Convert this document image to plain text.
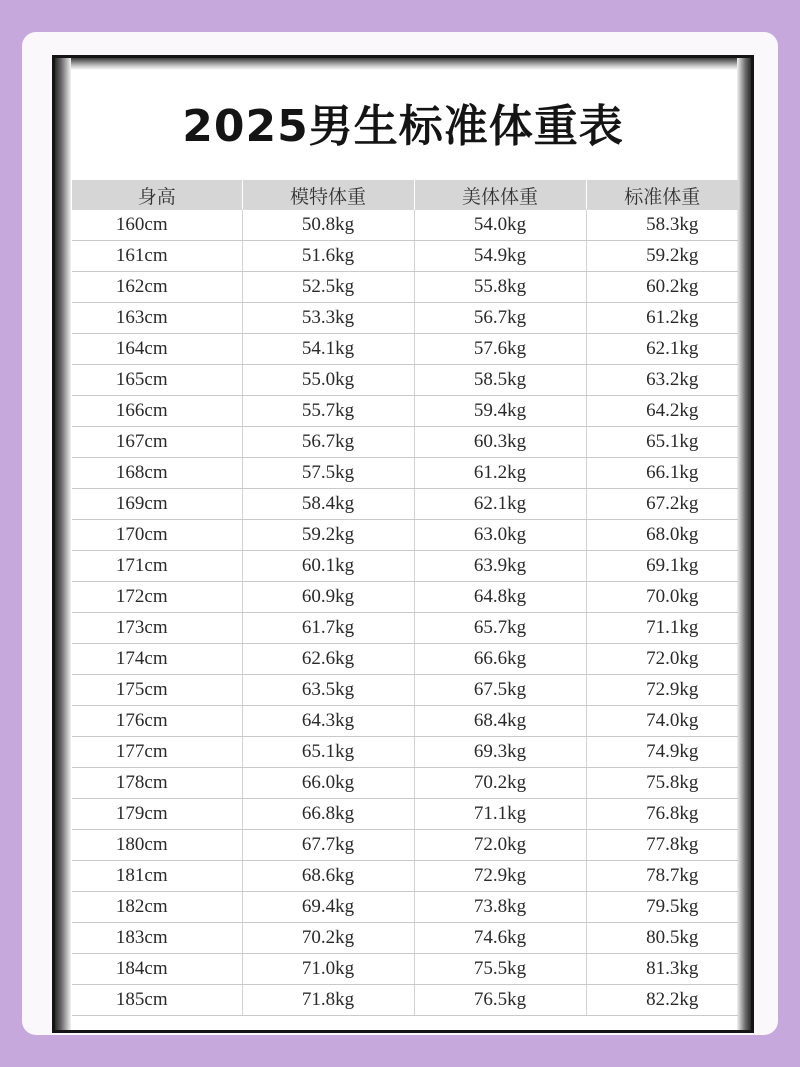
2025男生标准体重表
身高	模特体重	美体体重	标准体重
160cm	50.8kg	54.0kg	58.3kg
161cm	51.6kg	54.9kg	59.2kg
162cm	52.5kg	55.8kg	60.2kg
163cm	53.3kg	56.7kg	61.2kg
164cm	54.1kg	57.6kg	62.1kg
165cm	55.0kg	58.5kg	63.2kg
166cm	55.7kg	59.4kg	64.2kg
167cm	56.7kg	60.3kg	65.1kg
168cm	57.5kg	61.2kg	66.1kg
169cm	58.4kg	62.1kg	67.2kg
170cm	59.2kg	63.0kg	68.0kg
171cm	60.1kg	63.9kg	69.1kg
172cm	60.9kg	64.8kg	70.0kg
173cm	61.7kg	65.7kg	71.1kg
174cm	62.6kg	66.6kg	72.0kg
175cm	63.5kg	67.5kg	72.9kg
176cm	64.3kg	68.4kg	74.0kg
177cm	65.1kg	69.3kg	74.9kg
178cm	66.0kg	70.2kg	75.8kg
179cm	66.8kg	71.1kg	76.8kg
180cm	67.7kg	72.0kg	77.8kg
181cm	68.6kg	72.9kg	78.7kg
182cm	69.4kg	73.8kg	79.5kg
183cm	70.2kg	74.6kg	80.5kg
184cm	71.0kg	75.5kg	81.3kg
185cm	71.8kg	76.5kg	82.2kg
